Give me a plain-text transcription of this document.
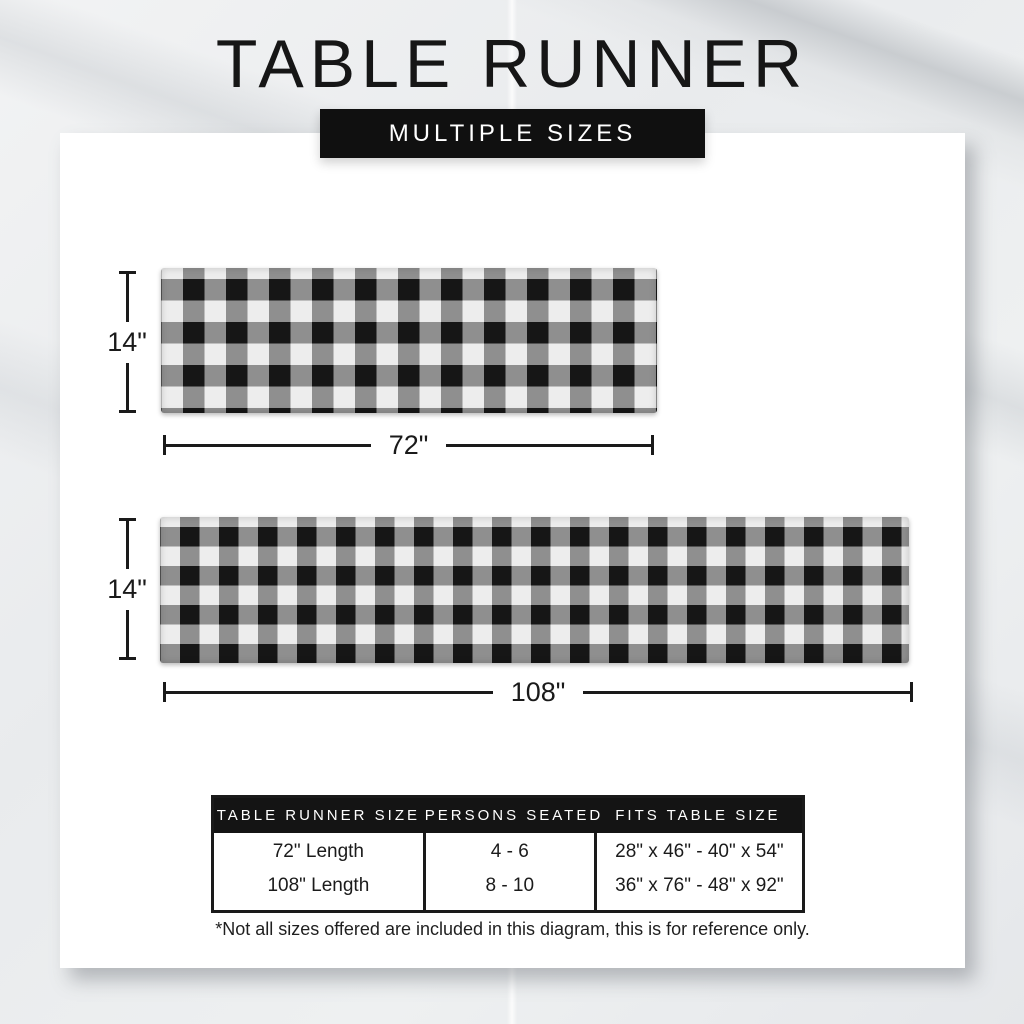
TABLE RUNNER
MULTIPLE SIZES
14"
72"
14"
108"
TABLE RUNNER SIZE PERSONS SEATED FITS TABLE SIZE
72" Length
108" Length
4 - 6
8 - 10
28" x 46" - 40" x 54"
36" x 76" - 48" x 92"
*Not all sizes offered are included in this diagram, this is for reference only.
